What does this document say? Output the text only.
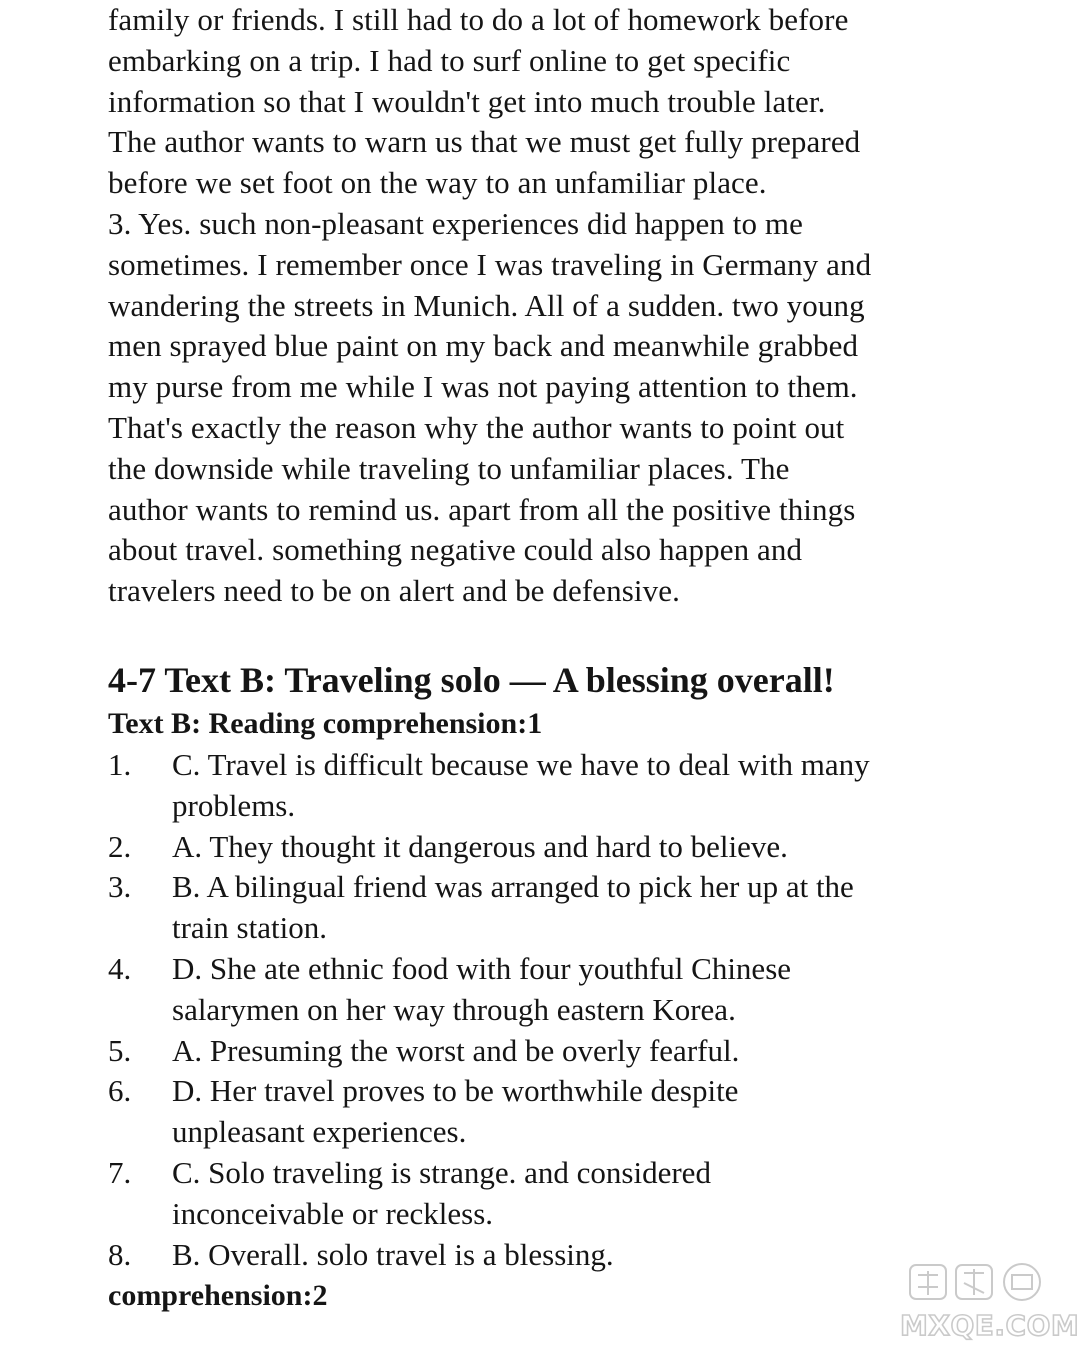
family or friends. I still had to do a lot of homework before
embarking on a trip. I had to surf online to get specific
information so that I wouldn't get into much trouble later.
The author wants to warn us that we must get fully prepared
before we set foot on the way to an unfamiliar place.
3. Yes. such non-pleasant experiences did happen to me
sometimes. I remember once I was traveling in Germany and
wandering the streets in Munich. All of a sudden. two young
men sprayed blue paint on my back and meanwhile grabbed
my purse from me while I was not paying attention to them.
That's exactly the reason why the author wants to point out
the downside while traveling to unfamiliar places. The
author wants to remind us. apart from all the positive things
about travel. something negative could also happen and
travelers need to be on alert and be defensive.
4-7 Text B: Traveling solo — A blessing overall!
Text B: Reading comprehension:1
1.	C. Travel is difficult because we have to deal with many
problems.
2.	A. They thought it dangerous and hard to believe.
3.	B. A bilingual friend was arranged to pick her up at the
train station.
4.	D. She ate ethnic food with four youthful Chinese
salarymen on her way through eastern Korea.
5.	A. Presuming the worst and be overly fearful.
6.	D. Her travel proves to be worthwhile despite
unpleasant experiences.
7.	C. Solo traveling is strange. and considered
inconceivable or reckless.
8.	B. Overall. solo travel is a blessing.
comprehension:2
MXQE.COM
